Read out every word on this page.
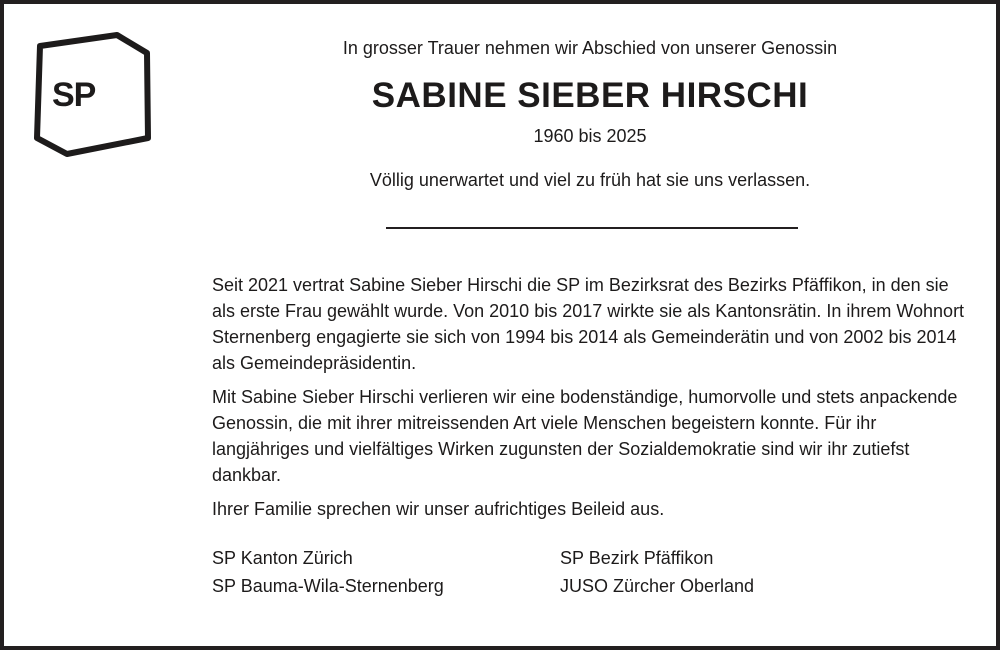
SP
In grosser Trauer nehmen wir Abschied von unserer Genossin
SABINE SIEBER HIRSCHI
1960 bis 2025
Völlig unerwartet und viel zu früh hat sie uns verlassen.

Seit 2021 vertrat Sabine Sieber Hirschi die SP im Bezirksrat des Bezirks Pfäffikon, in den sie als erste Frau gewählt wurde. Von 2010 bis 2017 wirkte sie als Kantonsrätin. In ihrem Wohnort Sternenberg engagierte sie sich von 1994 bis 2014 als Gemeinderätin und von 2002 bis 2014 als Gemeindepräsidentin.

Mit Sabine Sieber Hirschi verlieren wir eine bodenständige, humorvolle und stets anpackende Genossin, die mit ihrer mitreissenden Art viele Menschen begeistern konnte. Für ihr langjähriges und vielfältiges Wirken zugunsten der Sozialdemokratie sind wir ihr zutiefst dankbar.

Ihrer Familie sprechen wir unser aufrichtiges Beileid aus.

SP Kanton Zürich
SP Bauma-Wila-Sternenberg
SP Bezirk Pfäffikon
JUSO Zürcher Oberland
